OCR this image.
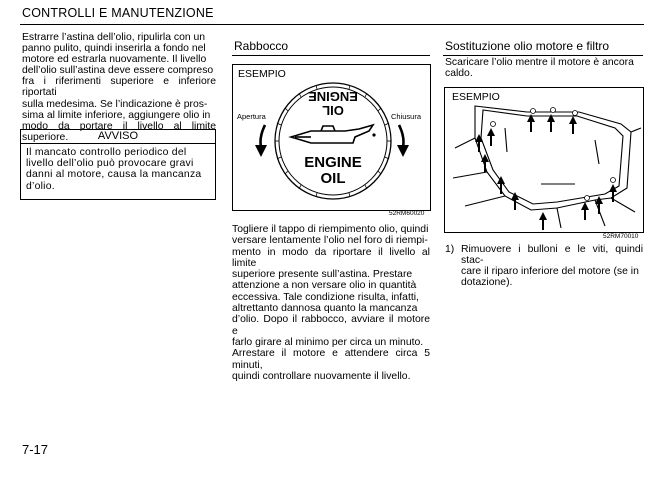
CONTROLLI E MANUTENZIONE
Estrarre l’astina dell’olio, ripulirla con un
panno pulito, quindi inserirla a fondo nel
motore ed estrarla nuovamente. Il livello
dell’olio sull’astina deve essere compreso
fra i riferimenti superiore e inferiore riportati
sulla medesima. Se l’indicazione è pros-
sima al limite inferiore, aggiungere olio in
modo da portare il livello al limite superiore.	AVVISO
Il mancato controllo periodico del
livello dell’olio può provocare gravi
danni al motore, causa la mancanza
d’olio.
Rabbocco
ESEMPIO
Apertura	Chiusura
OIL
ENGINE
ENGINE
OIL
52RM60020
Togliere il tappo di riempimento olio, quindi
versare lentamente l’olio nel foro di riempi-
mento in modo da riportare il livello al limite
superiore presente sull’astina. Prestare
attenzione a non versare olio in quantità
eccessiva. Tale condizione risulta, infatti,
altrettanto dannosa quanto la mancanza
d’olio. Dopo il rabbocco, avviare il motore e
farlo girare al minimo per circa un minuto.
Arrestare il motore e attendere circa 5 minuti,
quindi controllare nuovamente il livello.
Sostituzione olio motore e filtro
Scaricare l’olio mentre il motore è ancora
caldo.
ESEMPIO
52RM70010
1) Rimuovere i bulloni e le viti, quindi stac-
care il riparo inferiore del motore (se in
dotazione).
7-17
